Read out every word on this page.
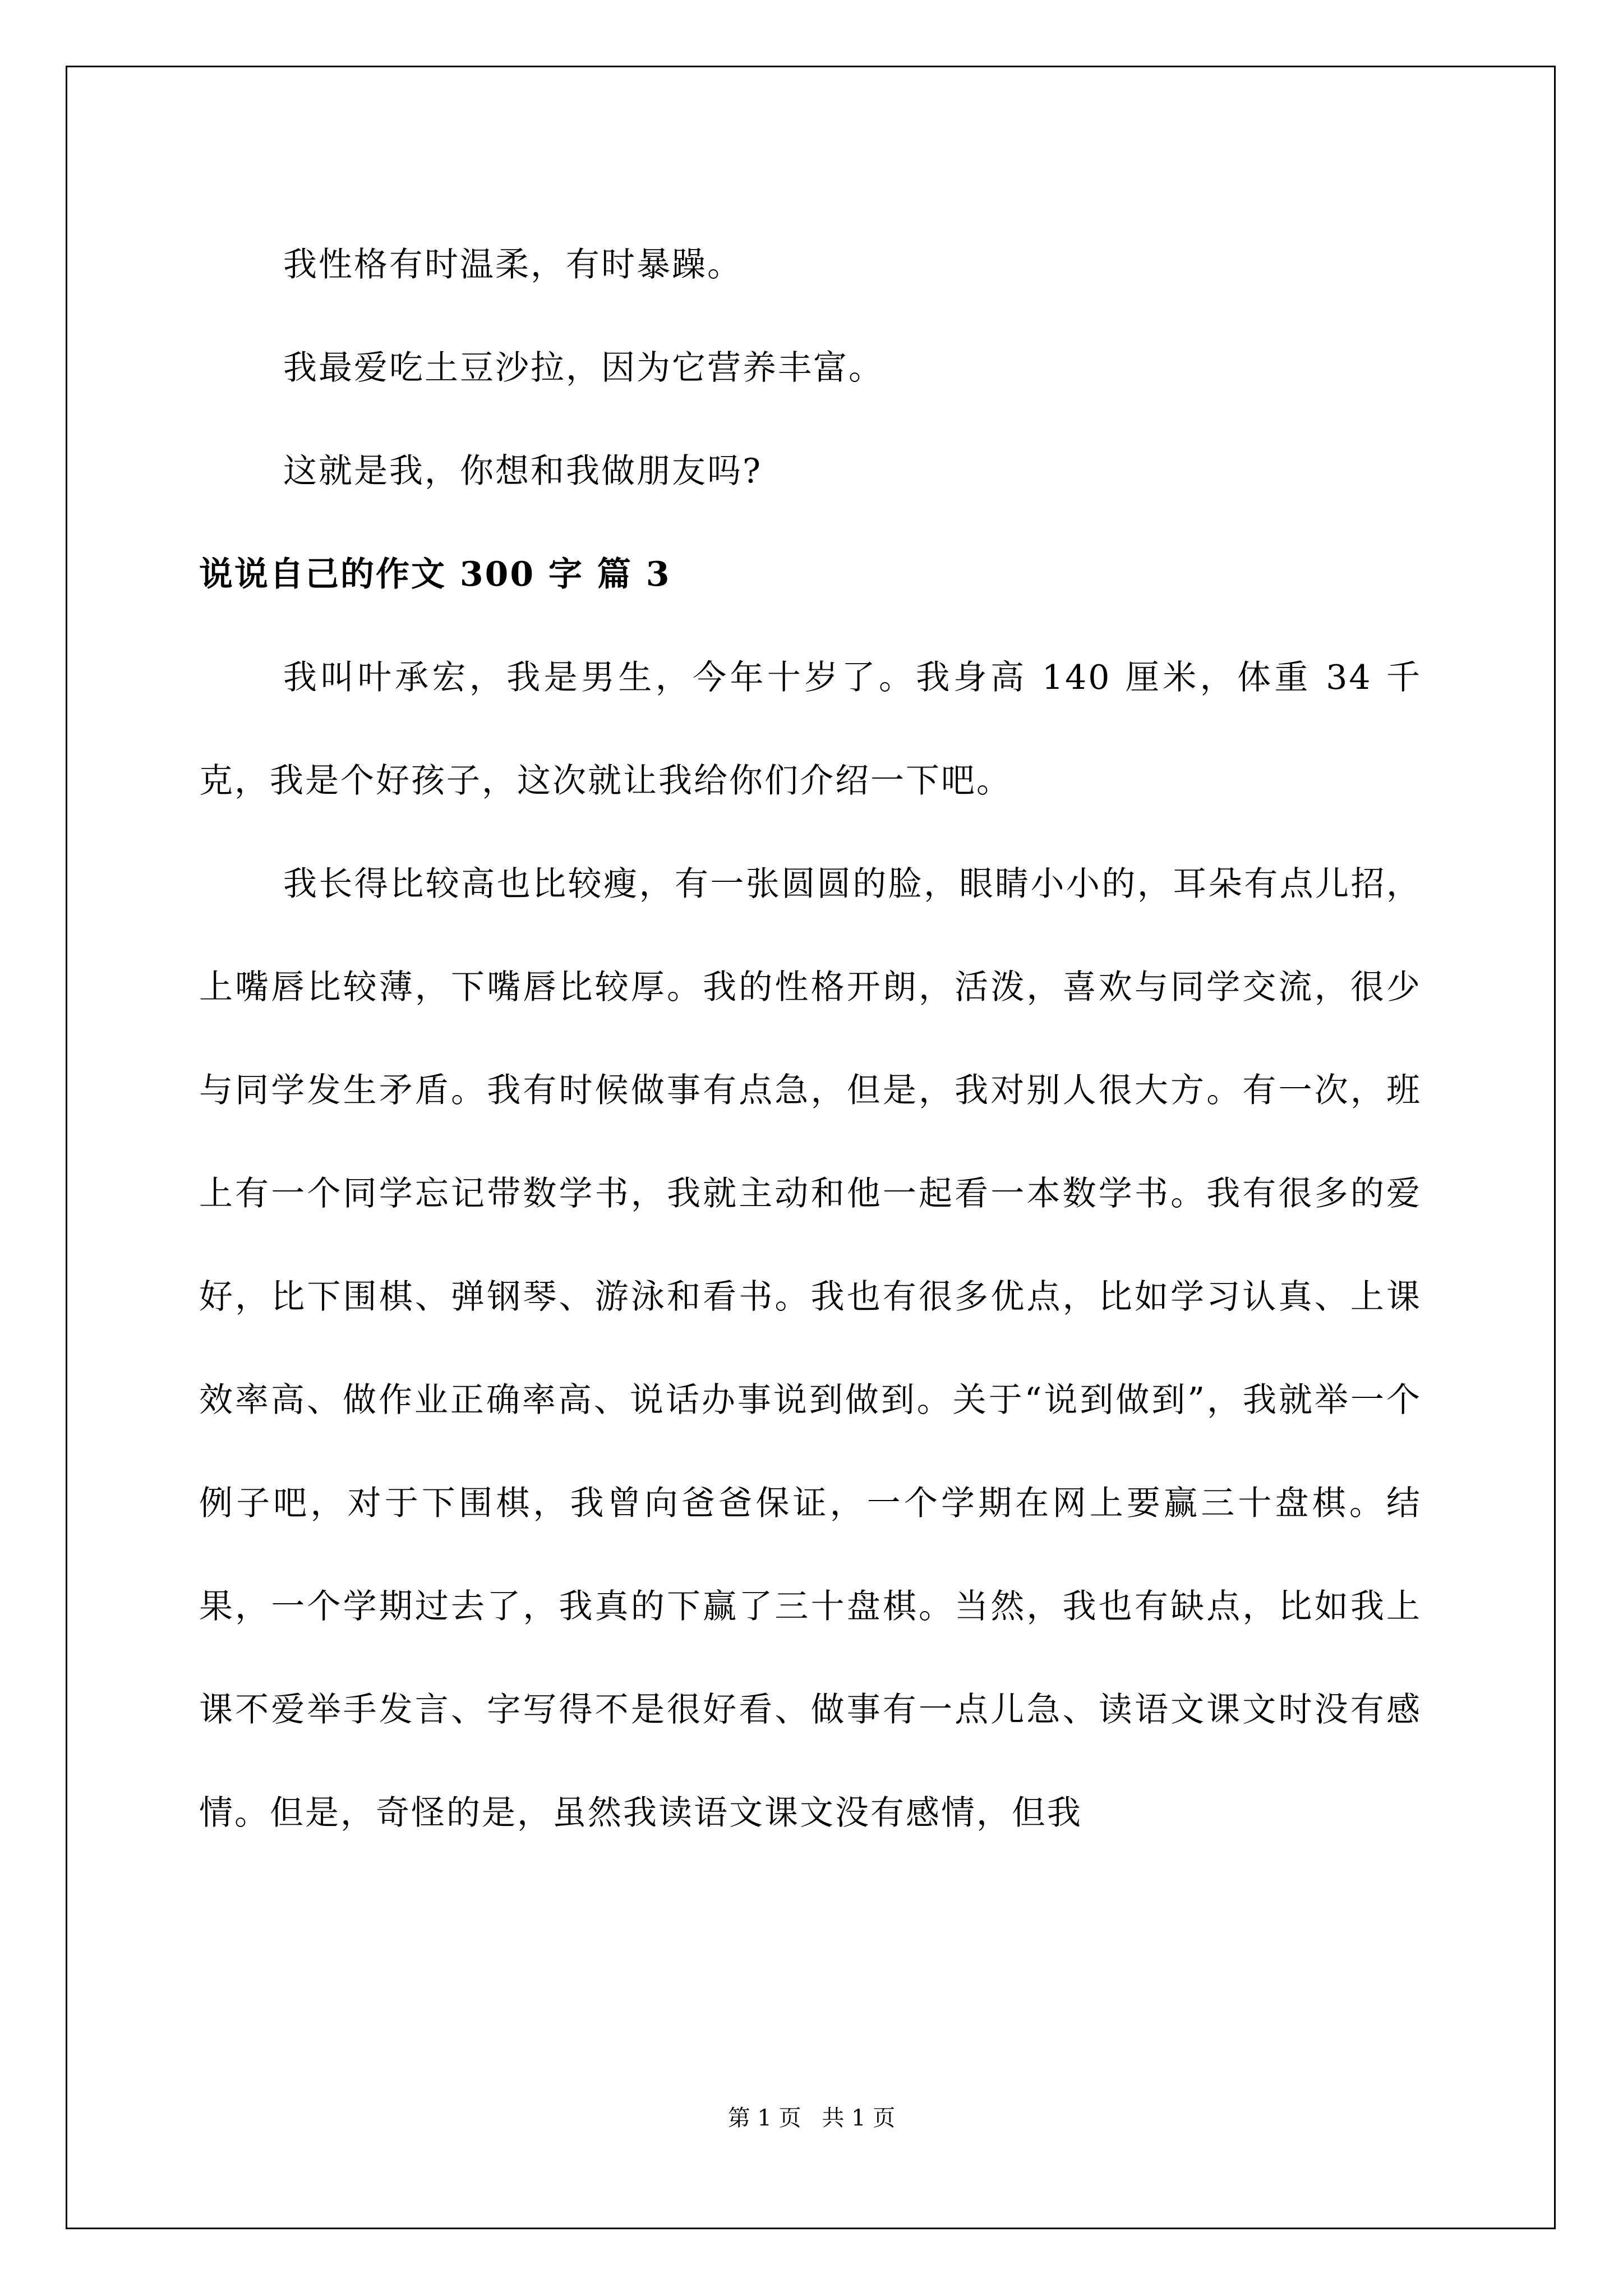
我性格有时温柔，有时暴躁。

我最爱吃土豆沙拉，因为它营养丰富。

这就是我，你想和我做朋友吗?

说说自己的作文 300 字 篇 3

我叫叶承宏，我是男生，今年十岁了。我身高 140 厘米，体重 34 千克，我是个好孩子，这次就让我给你们介绍一下吧。

我长得比较高也比较瘦，有一张圆圆的脸，眼睛小小的，耳朵有点儿招，上嘴唇比较薄，下嘴唇比较厚。我的性格开朗，活泼，喜欢与同学交流，很少与同学发生矛盾。我有时候做事有点急，但是，我对别人很大方。有一次，班上有一个同学忘记带数学书，我就主动和他一起看一本数学书。我有很多的爱好，比下围棋、弹钢琴、游泳和看书。我也有很多优点，比如学习认真、上课效率高、做作业正确率高、说话办事说到做到。关于“说到做到”，我就举一个例子吧，对于下围棋，我曾向爸爸保证，一个学期在网上要赢三十盘棋。结果，一个学期过去了，我真的下赢了三十盘棋。当然，我也有缺点，比如我上课不爱举手发言、字写得不是很好看、做事有一点儿急、读语文课文时没有感情。但是，奇怪的是，虽然我读语文课文没有感情，但我

第 1 页 共 1 页
